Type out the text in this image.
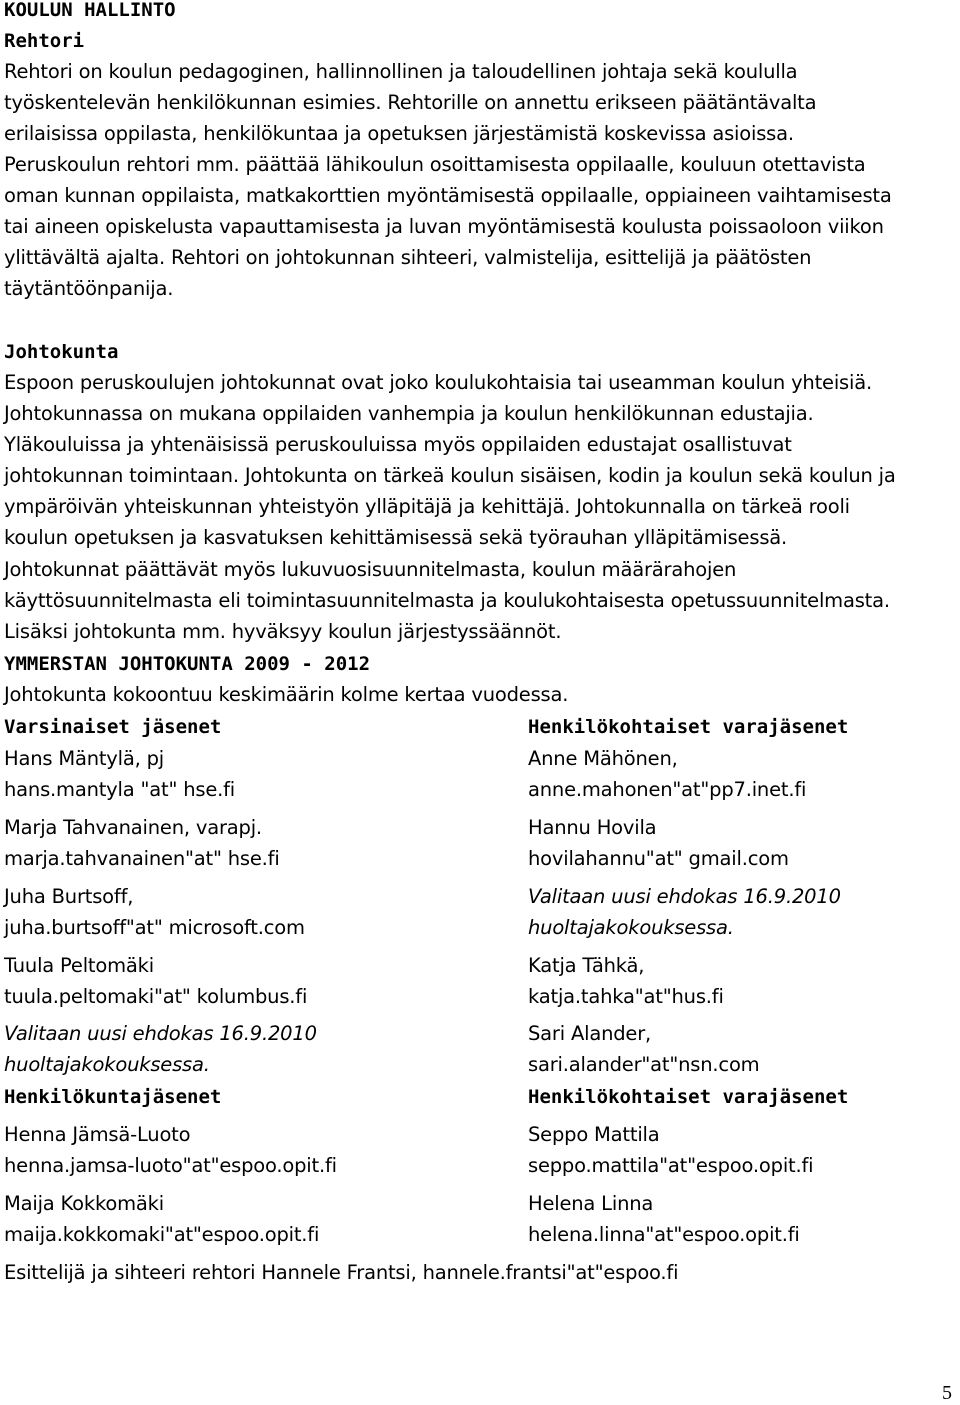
KOULUN HALLINTO
Rehtori
Rehtori on koulun pedagoginen, hallinnollinen ja taloudellinen johtaja sekä koululla
työskentelevän henkilökunnan esimies. Rehtorille on annettu erikseen päätäntävalta
erilaisissa oppilasta, henkilökuntaa ja opetuksen järjestämistä koskevissa asioissa.
Peruskoulun rehtori mm. päättää lähikoulun osoittamisesta oppilaalle, kouluun otettavista
oman kunnan oppilaista, matkakorttien myöntämisestä oppilaalle, oppiaineen vaihtamisesta
tai aineen opiskelusta vapauttamisesta ja luvan myöntämisestä koulusta poissaoloon viikon
ylittävältä ajalta. Rehtori on johtokunnan sihteeri, valmistelija, esittelijä ja päätösten
täytäntöönpanija.
Johtokunta
Espoon peruskoulujen johtokunnat ovat joko koulukohtaisia tai useamman koulun yhteisiä.
Johtokunnassa on mukana oppilaiden vanhempia ja koulun henkilökunnan edustajia.
Yläkouluissa ja yhtenäisissä peruskouluissa myös oppilaiden edustajat osallistuvat
johtokunnan toimintaan. Johtokunta on tärkeä koulun sisäisen, kodin ja koulun sekä koulun ja
ympäröivän yhteiskunnan yhteistyön ylläpitäjä ja kehittäjä. Johtokunnalla on tärkeä rooli
koulun opetuksen ja kasvatuksen kehittämisessä sekä työrauhan ylläpitämisessä.
Johtokunnat päättävät myös lukuvuosisuunnitelmasta, koulun määrärahojen
käyttösuunnitelmasta eli toimintasuunnitelmasta ja koulukohtaisesta opetussuunnitelmasta.
Lisäksi johtokunta mm. hyväksyy koulun järjestyssäännöt.
YMMERSTAN JOHTOKUNTA 2009 - 2012
Johtokunta kokoontuu keskimäärin kolme kertaa vuodessa.
Varsinaiset jäsenet	Henkilökohtaiset varajäsenet
Hans Mäntylä, pj
hans.mantyla "at" hse.fi
Marja Tahvanainen, varapj.
marja.tahvanainen"at" hse.fi
Juha Burtsoff,
juha.burtsoff"at" microsoft.com
Tuula Peltomäki
tuula.peltomaki"at" kolumbus.fi
Valitaan uusi ehdokas 16.9.2010
huoltajakokouksessa.
Anne Mähönen,
anne.mahonen"at"pp7.inet.fi
Hannu Hovila
hovilahannu"at" gmail.com
Valitaan uusi ehdokas 16.9.2010
huoltajakokouksessa.
Katja Tähkä,
katja.tahka"at"hus.fi
Sari Alander,
sari.alander"at"nsn.com
Henkilökuntajäsenet	Henkilökohtaiset varajäsenet
Henna Jämsä-Luoto
henna.jamsa-luoto"at"espoo.opit.fi
Maija Kokkomäki
maija.kokkomaki"at"espoo.opit.fi
Seppo Mattila
seppo.mattila"at"espoo.opit.fi
Helena Linna
helena.linna"at"espoo.opit.fi
Esittelijä ja sihteeri rehtori Hannele Frantsi, hannele.frantsi"at"espoo.fi
5
